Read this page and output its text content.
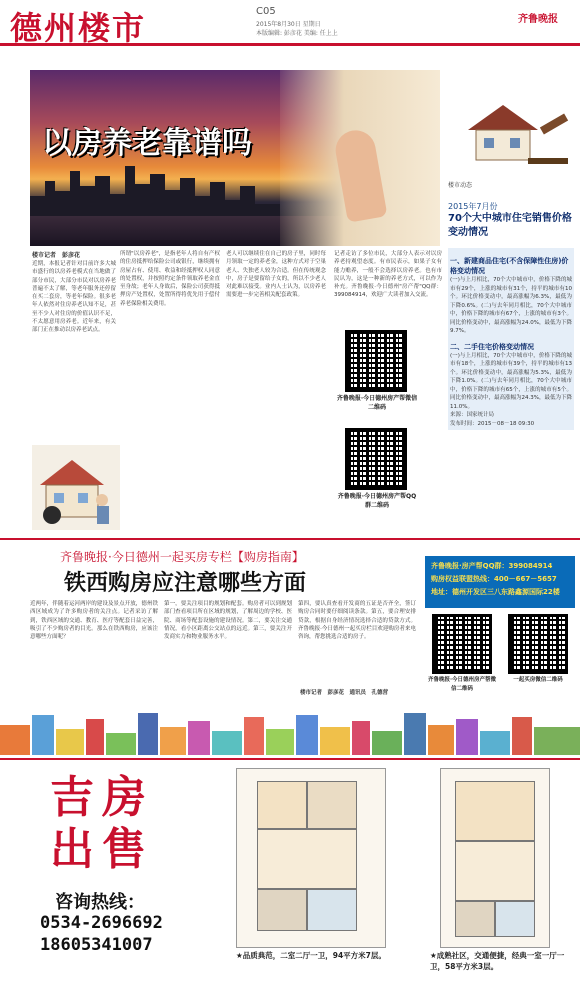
德州楼市	C05
2015年8月30日 星期日
本版编辑: 彭彦花 美编: 任上上
齐鲁晚报
以房养老靠谱吗
楼市记者　彭彦花
近期，本报记者针对目前许多大城市盛行的以房养老模式在当地做了部分市民，大部分市民对以房养老普遍不太了解，等老年服务还停留在买二套房，等老年保险。很多老年人依然对住房养老认知不足，甚至不少人对住房的价值认识不足，不太愿意用房养老。近年来，有关部门正在推动以房养老试点。
所谓"以房养老"，是指老年人将自有产权的住房抵押给保险公司或银行，继续拥有房屋占有、使用、收益和经抵押权人同意的处置权，并按照约定条件领取养老金直至身故；老年人身故后，保险公司获得抵押房产处置权，处置所得将优先用于偿付养老保险相关费用。
老人可以继续住在自己的房子里，同时每月领取一定的养老金，这种方式对于空巢老人、失独老人较为合适。但在传统观念中，房子是要留给子女的，所以不少老人对此难以接受。业内人士认为，以房养老需要进一步完善相关配套政策。
记者走访了多位市民，大部分人表示对以房养老持观望态度。有市民表示，如果子女有能力赡养，一般不会选择以房养老。也有市民认为，这是一种新的养老方式，可以作为补充。齐鲁晚报·今日德州"房产帮"QQ群：399084914，欢迎广大读者加入交流。
齐鲁晚报·今日德州房产帮微信二维码
齐鲁晚报·今日德州房产帮QQ群二维码
楼市动态
2015年7月份
70个大中城市住宅销售价格变动情况
一、新建商品住宅(不含保障性住房)价格变动情况
(一)与上月相比，70个大中城市中，价格下降的城市有29个，上涨的城市有31个，持平的城市有10个。环比价格变动中，最高涨幅为6.3%，最低为下降0.6%。(二)与去年同月相比，70个大中城市中，价格下降的城市有67个，上涨的城市有3个。同比价格变动中，最高涨幅为24.0%，最低为下降9.7%。
二、二手住宅价格变动情况
(一)与上月相比，70个大中城市中，价格下降的城市有18个，上涨的城市有39个，持平的城市有13个。环比价格变动中，最高涨幅为5.3%，最低为下降1.0%。(二)与去年同月相比，70个大中城市中，价格下降的城市有65个，上涨的城市有5个。同比价格变动中，最高涨幅为24.3%，最低为下降11.0%。
来源：国家统计局
发布时间：2015－08－18 09:30
齐鲁晚报·今日德州一起买房专栏【购房指南】
铁西购房应注意哪些方面
近两年，伴随着运河两岸的建设及景点开放，德州铁西区域成为了许多购房者的关注点。记者采访了解到，铁西区域的交通、教育、医疗等配套日益完善，吸引了不少购房者的目光。那么在铁西购房，应该注意哪些方面呢？
第一，要关注项目的规划和配套。购房者可以到规划部门查看项目所在区域的规划，了解周边的学校、医院、商场等配套设施的建设情况。第二，要关注交通情况，看小区距离公交站点的远近。第三，要关注开发商实力和物业服务水平。
第四，要认真查看开发商的五证是否齐全，签订购房合同时要仔细阅读条款。第五，要合理安排贷款，根据自身经济情况选择合适的贷款方式。齐鲁晚报·今日德州一起买房栏目欢迎购房者来电咨询，帮您挑选合适的房子。
楼市记者　彭彦花　通讯员　孔德营
齐鲁晚报·房产帮QQ群：399084914
购房权益联盟热线：400－667－5657
地址：德州开发区三八东路鑫源国际22楼
齐鲁晚报·今日德州房产帮微信二维码
一起买房微信二维码
吉房
出售
咨询热线：
0534-2696692
18605341007
★品质典范，二室二厅一卫，94平方米7层。	★成熟社区，交通便捷，经典一室一厅一卫，58平方米3层。
